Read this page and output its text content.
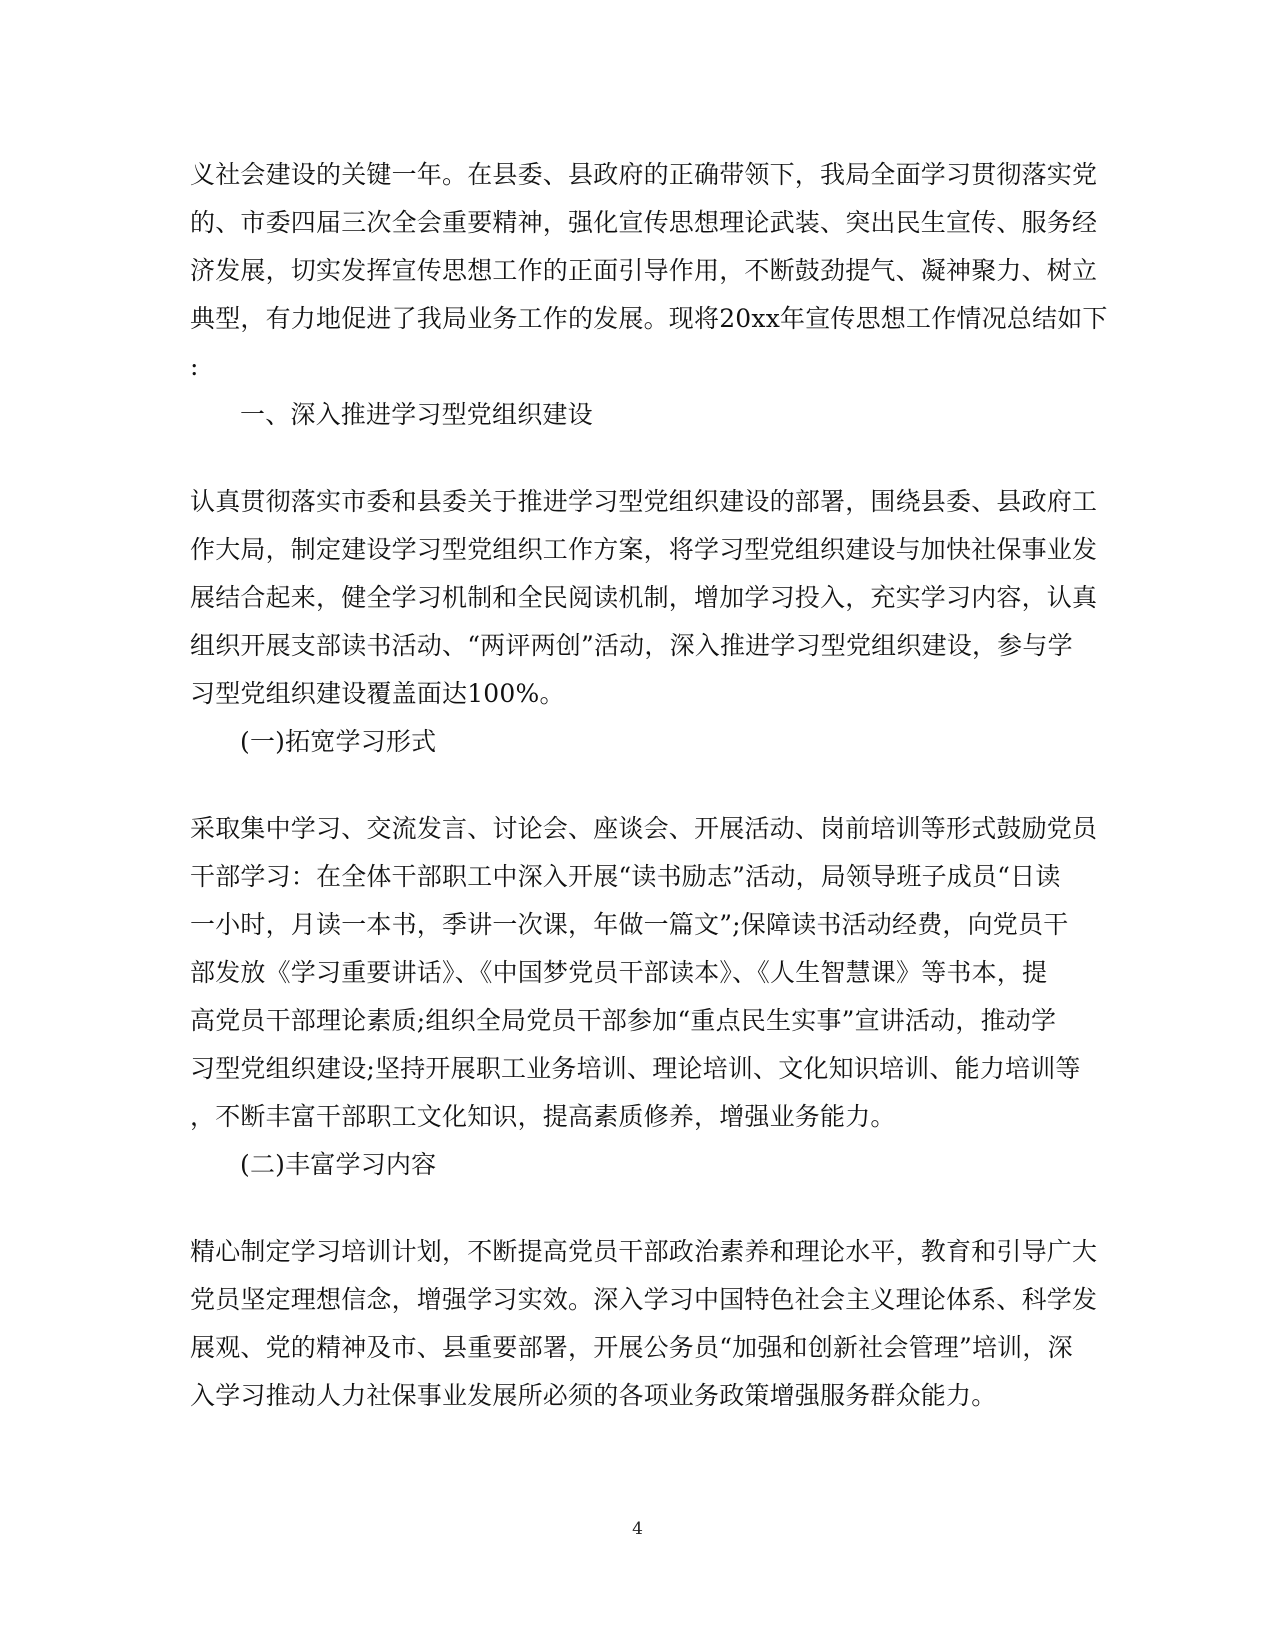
义社会建设的关键一年。在县委、县政府的正确带领下，我局全面学习贯彻落实党
的、市委四届三次全会重要精神，强化宣传思想理论武装、突出民生宣传、服务经
济发展，切实发挥宣传思想工作的正面引导作用，不断鼓劲提气、凝神聚力、树立
典型，有力地促进了我局业务工作的发展。现将20xx年宣传思想工作情况总结如下
:
一、深入推进学习型党组织建设
认真贯彻落实市委和县委关于推进学习型党组织建设的部署，围绕县委、县政府工
作大局，制定建设学习型党组织工作方案，将学习型党组织建设与加快社保事业发
展结合起来，健全学习机制和全民阅读机制，增加学习投入，充实学习内容，认真
组织开展支部读书活动、“两评两创”活动，深入推进学习型党组织建设，参与学
习型党组织建设覆盖面达100%。
(一)拓宽学习形式
采取集中学习、交流发言、讨论会、座谈会、开展活动、岗前培训等形式鼓励党员
干部学习：在全体干部职工中深入开展“读书励志”活动，局领导班子成员“日读
一小时，月读一本书，季讲一次课，年做一篇文”;保障读书活动经费，向党员干
部发放《学习重要讲话》、《中国梦党员干部读本》、《人生智慧课》等书本，提
高党员干部理论素质;组织全局党员干部参加“重点民生实事”宣讲活动，推动学
习型党组织建设;坚持开展职工业务培训、理论培训、文化知识培训、能力培训等
，不断丰富干部职工文化知识，提高素质修养，增强业务能力。
(二)丰富学习内容
精心制定学习培训计划，不断提高党员干部政治素养和理论水平，教育和引导广大
党员坚定理想信念，增强学习实效。深入学习中国特色社会主义理论体系、科学发
展观、党的精神及市、县重要部署，开展公务员“加强和创新社会管理”培训，深
入学习推动人力社保事业发展所必须的各项业务政策增强服务群众能力。
4
